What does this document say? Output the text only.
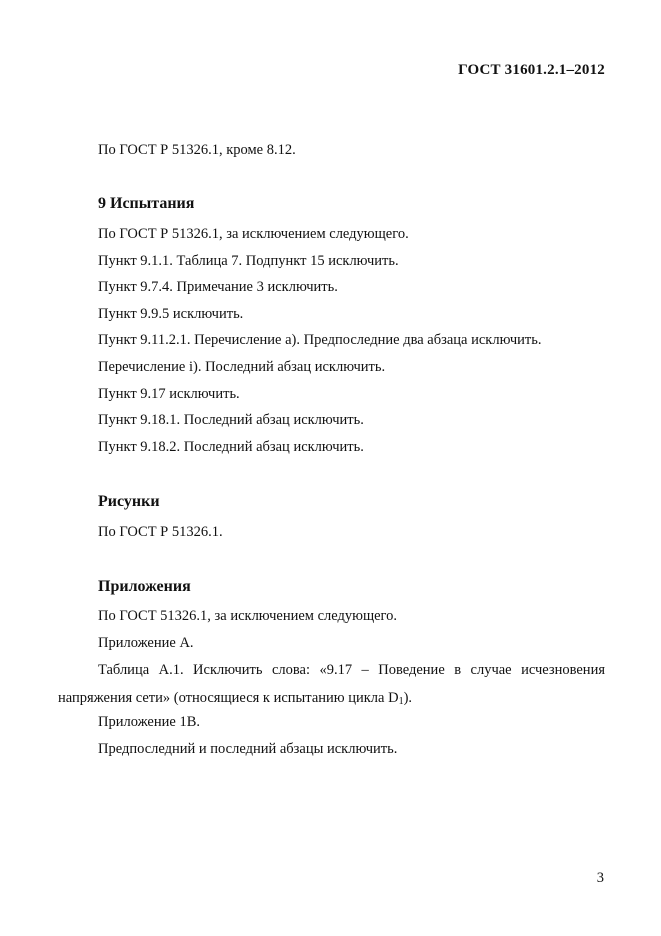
ГОСТ 31601.2.1–2012
По ГОСТ Р 51326.1, кроме 8.12.
9 Испытания
По ГОСТ Р 51326.1, за исключением следующего.
Пункт 9.1.1. Таблица 7. Подпункт 15 исключить.
Пункт 9.7.4. Примечание 3 исключить.
Пункт 9.9.5 исключить.
Пункт 9.11.2.1. Перечисление а). Предпоследние два абзаца исключить.
Перечисление i). Последний абзац исключить.
Пункт 9.17 исключить.
Пункт 9.18.1. Последний абзац исключить.
Пункт 9.18.2. Последний абзац исключить.
Рисунки
По ГОСТ Р 51326.1.
Приложения
По ГОСТ 51326.1, за исключением следующего.
Приложение А.
Таблица А.1. Исключить слова: «9.17 – Поведение в случае исчезновения
напряжения сети» (относящиеся к испытанию цикла $D_1$).
Приложение 1В.
Предпоследний и последний абзацы исключить.
3
